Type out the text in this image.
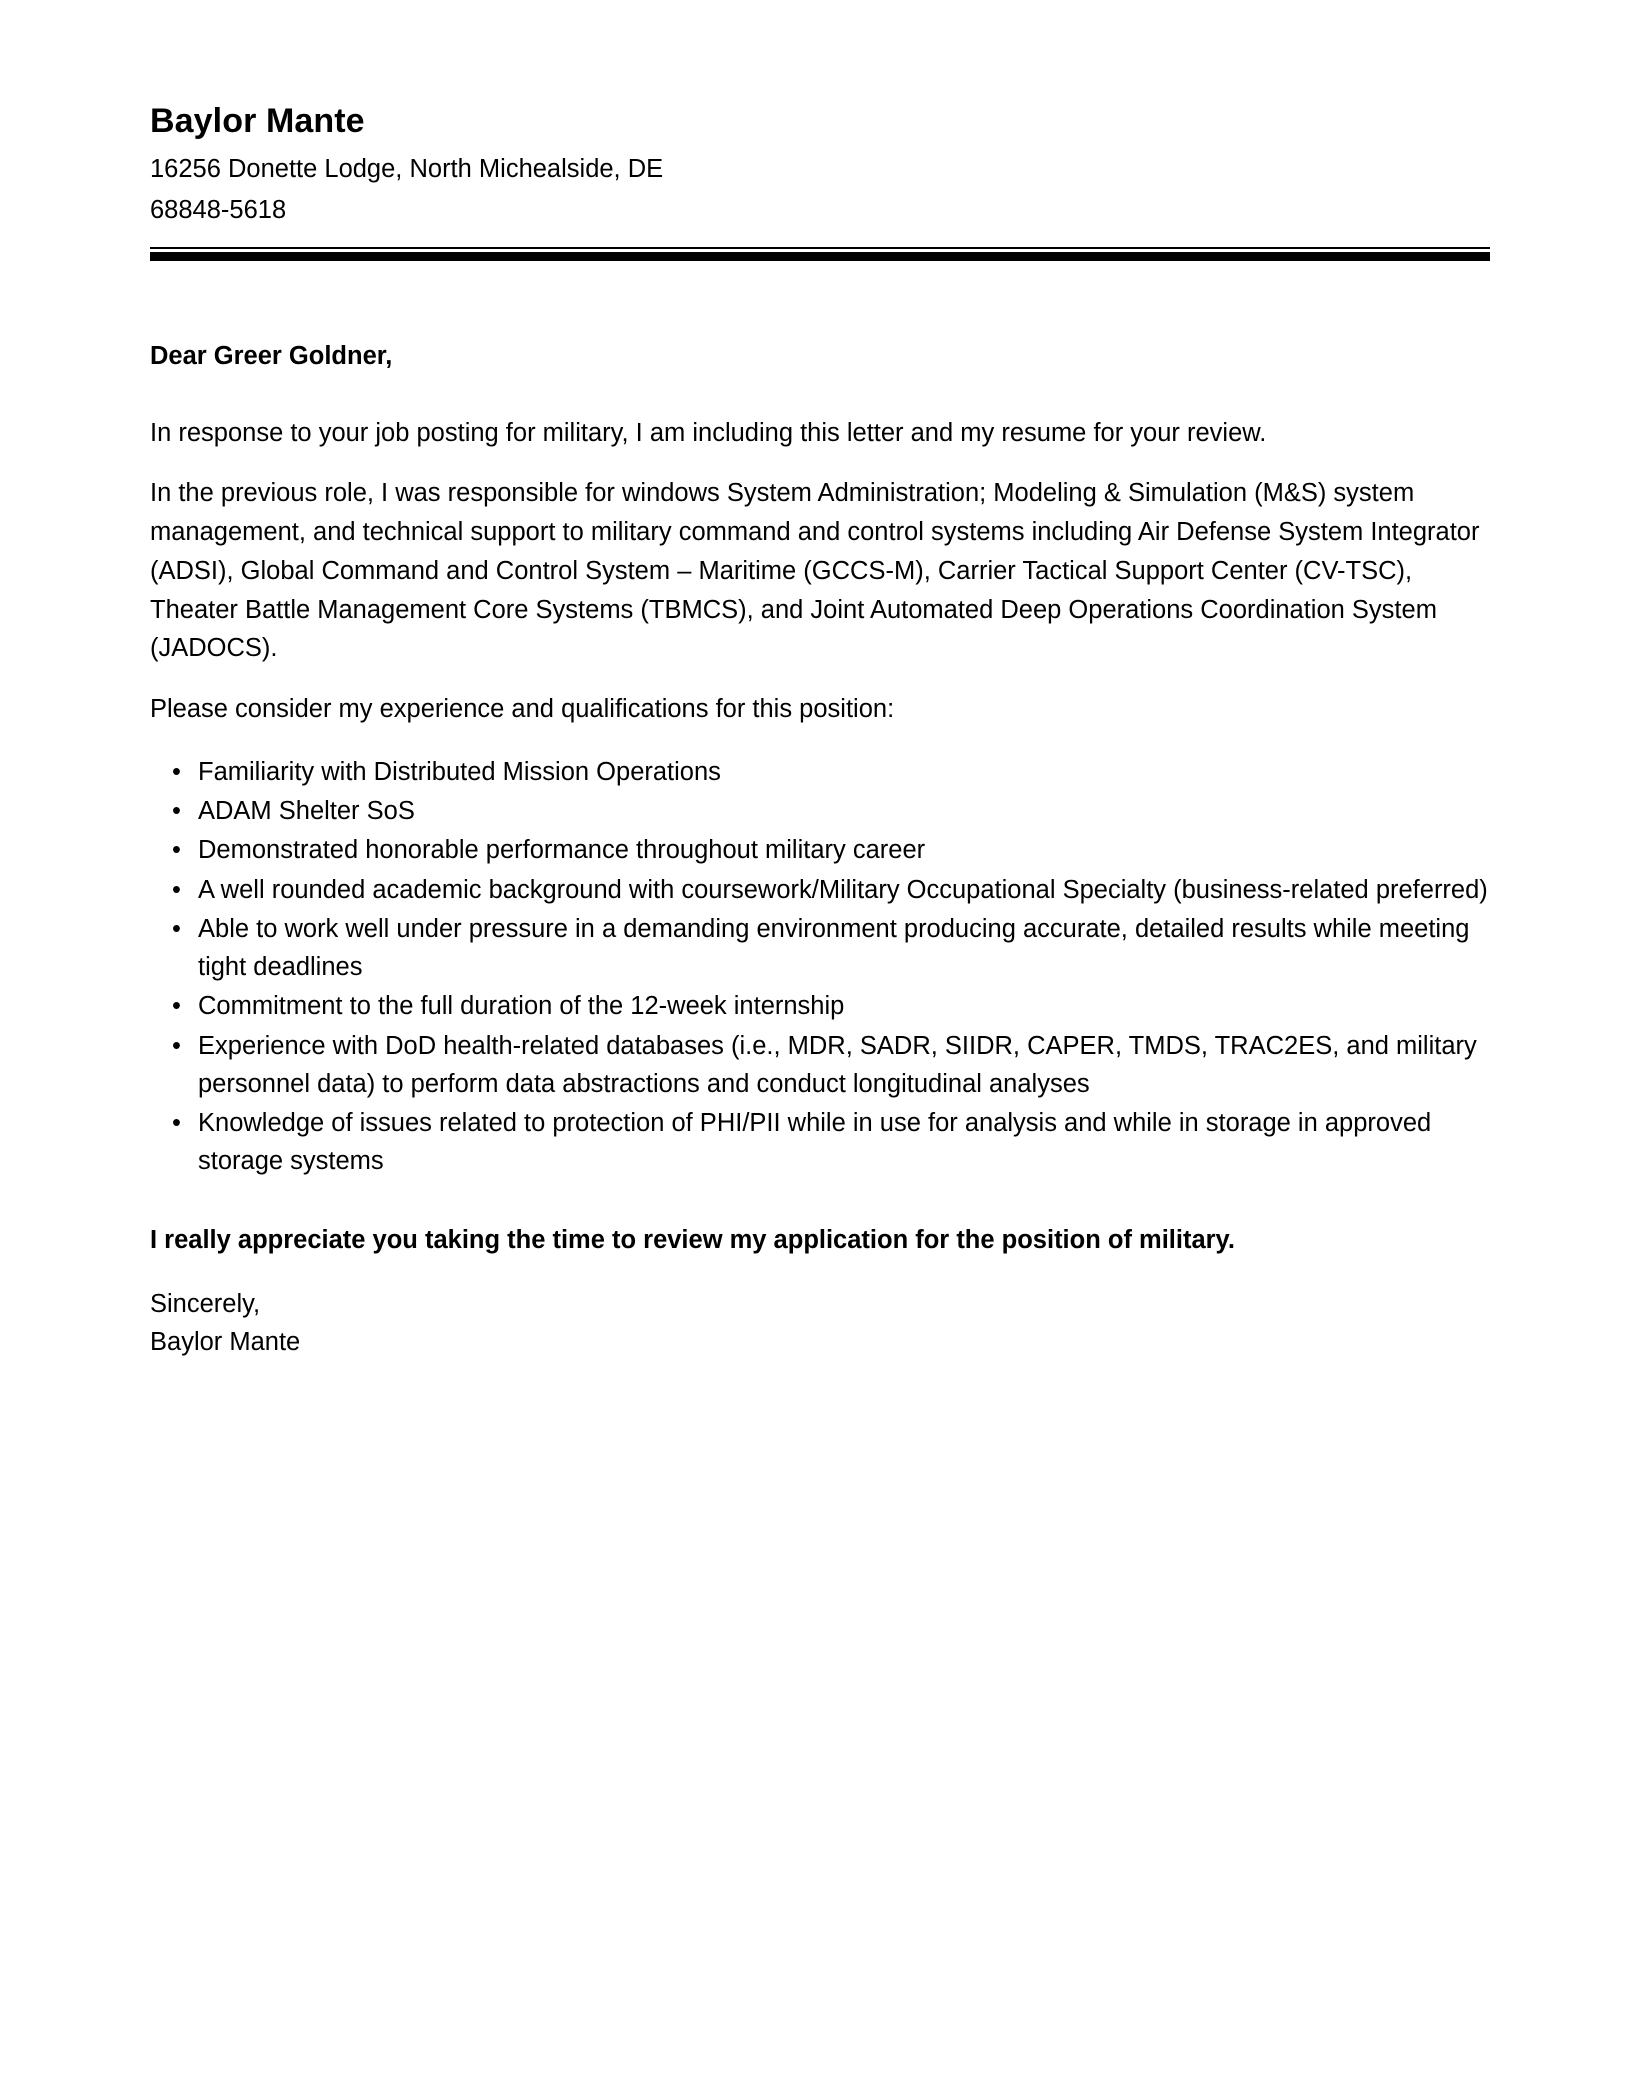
Baylor Mante

16256 Donette Lodge, North Michealside, DE

68848-5618

Dear Greer Goldner,

In response to your job posting for military, I am including this letter and my resume for your review.

In the previous role, I was responsible for windows System Administration; Modeling & Simulation (M&S) system management, and technical support to military command and control systems including Air Defense System Integrator (ADSI), Global Command and Control System – Maritime (GCCS-M), Carrier Tactical Support Center (CV-TSC), Theater Battle Management Core Systems (TBMCS), and Joint Automated Deep Operations Coordination System (JADOCS).

Please consider my experience and qualifications for this position:

• Familiarity with Distributed Mission Operations
• ADAM Shelter SoS
• Demonstrated honorable performance throughout military career
• A well rounded academic background with coursework/Military Occupational Specialty (business-related preferred)
• Able to work well under pressure in a demanding environment producing accurate, detailed results while meeting tight deadlines
• Commitment to the full duration of the 12-week internship
• Experience with DoD health-related databases (i.e., MDR, SADR, SIIDR, CAPER, TMDS, TRAC2ES, and military personnel data) to perform data abstractions and conduct longitudinal analyses
• Knowledge of issues related to protection of PHI/PII while in use for analysis and while in storage in approved storage systems

I really appreciate you taking the time to review my application for the position of military.

Sincerely,

Baylor Mante
